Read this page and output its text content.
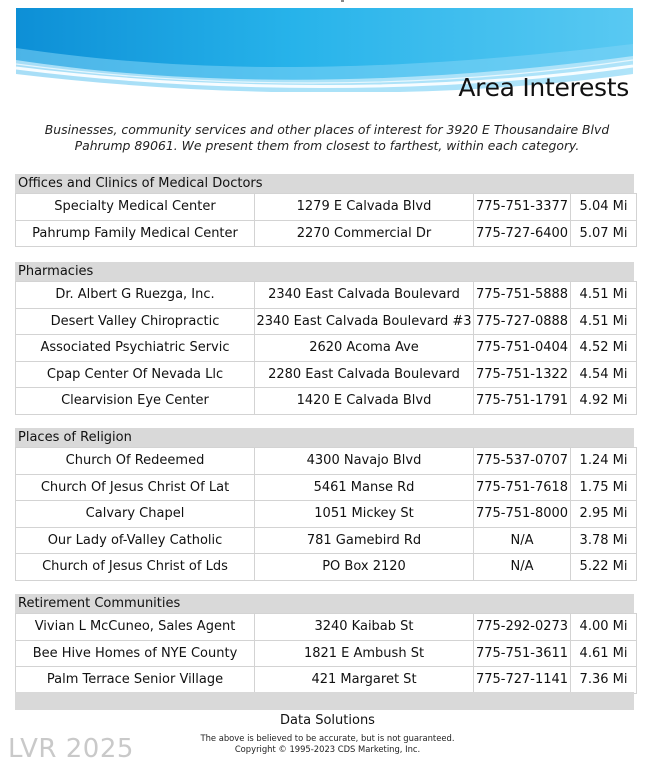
Area Interests
Businesses, community services and other places of interest for 3920 E Thousandaire Blvd Pahrump 89061. We present them from closest to farthest, within each category.
Offices and Clinics of Medical Doctors
Specialty Medical Center	1279 E Calvada Blvd	775-751-3377	5.04 Mi
Pahrump Family Medical Center	2270 Commercial Dr	775-727-6400	5.07 Mi
Pharmacies
Dr. Albert G Ruezga, Inc.	2340 East Calvada Boulevard	775-751-5888	4.51 Mi
Desert Valley Chiropractic	2340 East Calvada Boulevard #3	775-727-0888	4.51 Mi
Associated Psychiatric Servic	2620 Acoma Ave	775-751-0404	4.52 Mi
Cpap Center Of Nevada Llc	2280 East Calvada Boulevard	775-751-1322	4.54 Mi
Clearvision Eye Center	1420 E Calvada Blvd	775-751-1791	4.92 Mi
Places of Religion
Church Of Redeemed	4300 Navajo Blvd	775-537-0707	1.24 Mi
Church Of Jesus Christ Of Lat	5461 Manse Rd	775-751-7618	1.75 Mi
Calvary Chapel	1051 Mickey St	775-751-8000	2.95 Mi
Our Lady of-Valley Catholic	781 Gamebird Rd	N/A	3.78 Mi
Church of Jesus Christ of Lds	PO Box 2120	N/A	5.22 Mi
Retirement Communities
Vivian L McCuneo, Sales Agent	3240 Kaibab St	775-292-0273	4.00 Mi
Bee Hive Homes of NYE County	1821 E Ambush St	775-751-3611	4.61 Mi
Palm Terrace Senior Village	421 Margaret St	775-727-1141	7.36 Mi
Data Solutions
The above is believed to be accurate, but is not guaranteed.
Copyright © 1995-2023 CDS Marketing, Inc.
LVR 2025
